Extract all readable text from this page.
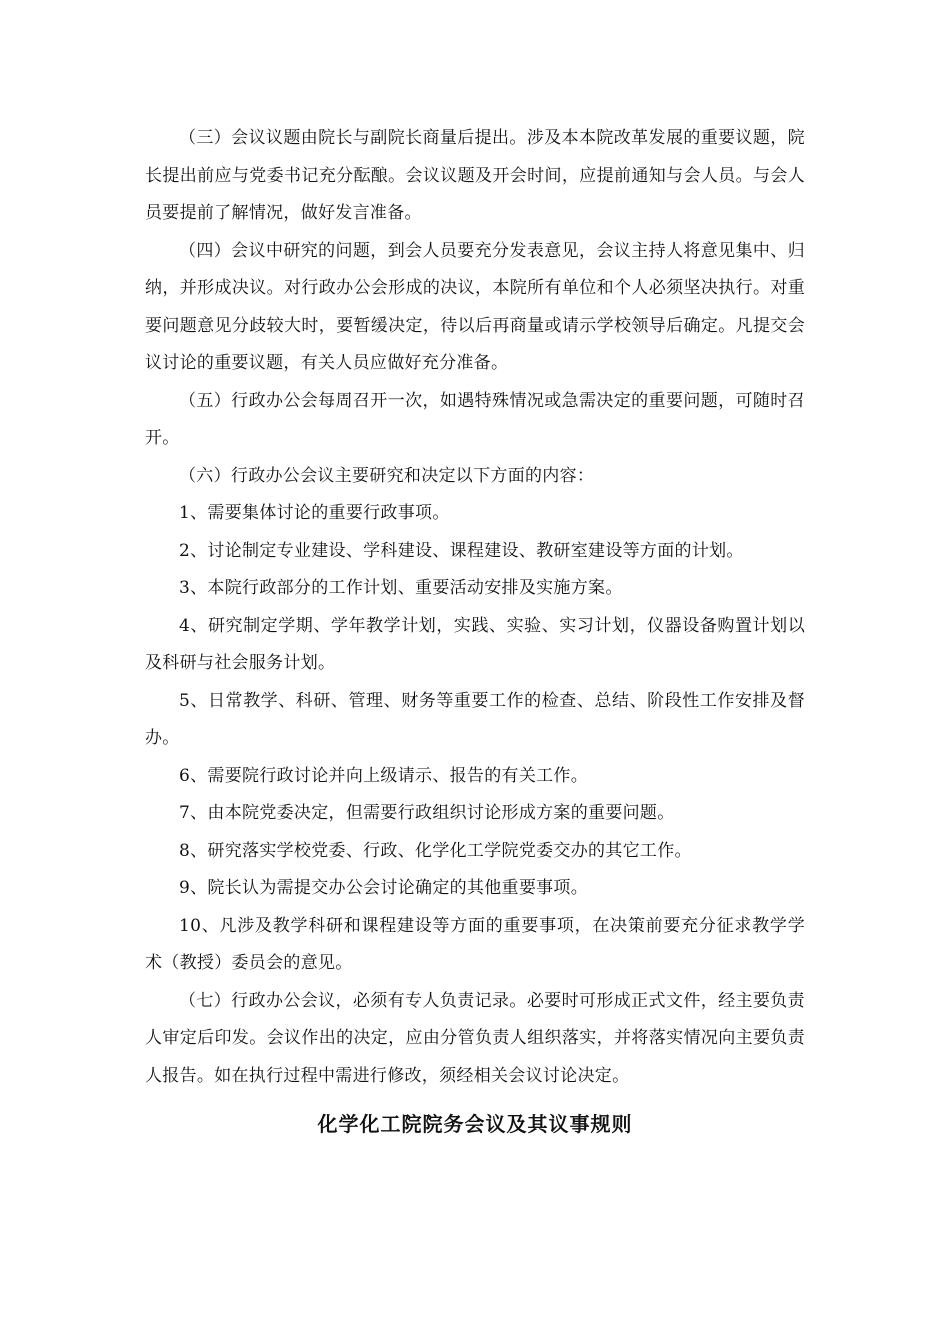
（三）会议议题由院长与副院长商量后提出。涉及本本院改革发展的重要议题，院长提出前应与党委书记充分酝酿。会议议题及开会时间，应提前通知与会人员。与会人员要提前了解情况，做好发言准备。

（四）会议中研究的问题，到会人员要充分发表意见，会议主持人将意见集中、归纳，并形成决议。对行政办公会形成的决议，本院所有单位和个人必须坚决执行。对重要问题意见分歧较大时，要暂缓决定，待以后再商量或请示学校领导后确定。凡提交会议讨论的重要议题，有关人员应做好充分准备。

（五）行政办公会每周召开一次，如遇特殊情况或急需决定的重要问题，可随时召开。

（六）行政办公会议主要研究和决定以下方面的内容：

1、需要集体讨论的重要行政事项。

2、讨论制定专业建设、学科建设、课程建设、教研室建设等方面的计划。

3、本院行政部分的工作计划、重要活动安排及实施方案。

4、研究制定学期、学年教学计划，实践、实验、实习计划，仪器设备购置计划以及科研与社会服务计划。

5、日常教学、科研、管理、财务等重要工作的检查、总结、阶段性工作安排及督办。

6、需要院行政讨论并向上级请示、报告的有关工作。

7、由本院党委决定，但需要行政组织讨论形成方案的重要问题。

8、研究落实学校党委、行政、化学化工学院党委交办的其它工作。

9、院长认为需提交办公会讨论确定的其他重要事项。

10、凡涉及教学科研和课程建设等方面的重要事项，在决策前要充分征求教学学术（教授）委员会的意见。

（七）行政办公会议，必须有专人负责记录。必要时可形成正式文件，经主要负责人审定后印发。会议作出的决定，应由分管负责人组织落实，并将落实情况向主要负责人报告。如在执行过程中需进行修改，须经相关会议讨论决定。

化学化工院院务会议及其议事规则
